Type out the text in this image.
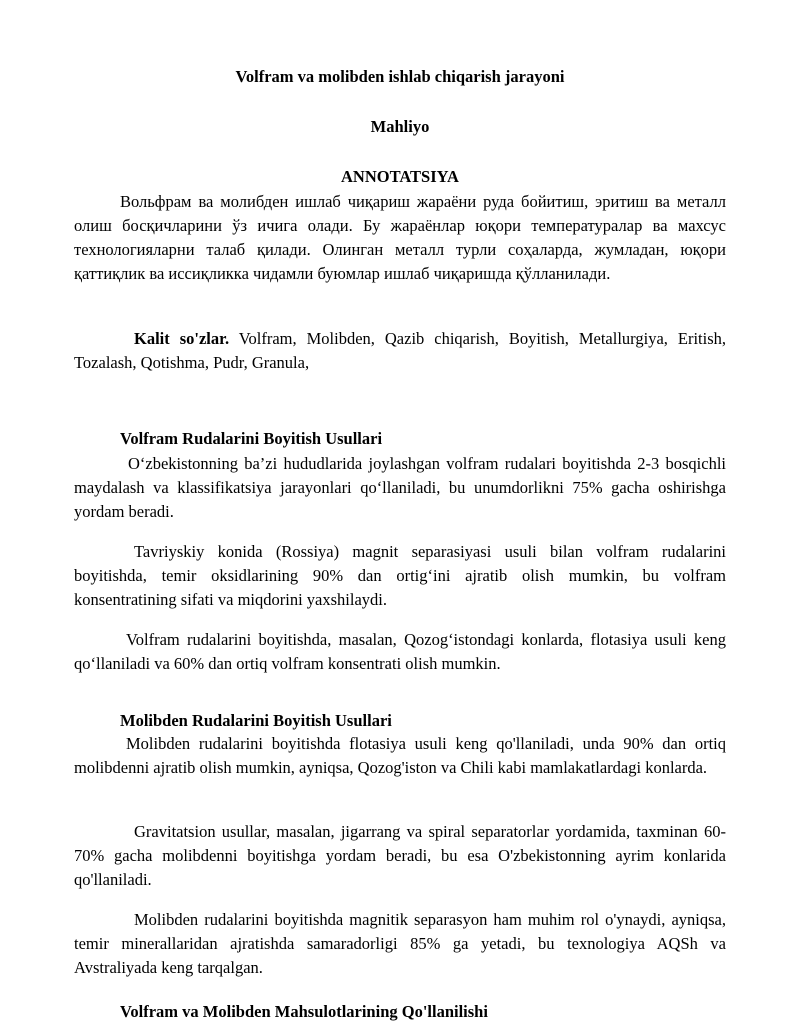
Volfram va molibden ishlab chiqarish jarayoni
Mahliyo
ANNOTATSIYA

Вольфрам ва молибден ишлаб чиқариш жараёни руда бойитиш, эритиш ва металл олиш босқичларини ўз ичига олади. Бу жараёнлар юқори температуралар ва махсус технологияларни талаб қилади. Олинган металл турли соҳаларда, жумладан, юқори қаттиқлик ва иссиқликка чидамли буюмлар ишлаб чиқаришда қўлланилади.

Kalit so'zlar. Volfram, Molibden, Qazib chiqarish, Boyitish, Metallurgiya, Eritish, Tozalash, Qotishma, Pudr, Granula,

Volfram Rudalarini Boyitish Usullari

O‘zbekistonning ba’zi hududlarida joylashgan volfram rudalari boyitishda 2-3 bosqichli maydalash va klassifikatsiya jarayonlari qo‘llaniladi, bu unumdorlikni 75% gacha oshirishga yordam beradi.

Tavriyskiy konida (Rossiya) magnit separasiyasi usuli bilan volfram rudalarini boyitishda, temir oksidlarining 90% dan ortig‘ini ajratib olish mumkin, bu volfram konsentratining sifati va miqdorini yaxshilaydi.

Volfram rudalarini boyitishda, masalan, Qozog‘istondagi konlarda, flotasiya usuli keng qo‘llaniladi va 60% dan ortiq volfram konsentrati olish mumkin.

Molibden Rudalarini Boyitish Usullari

Molibden rudalarini boyitishda flotasiya usuli keng qo'llaniladi, unda 90% dan ortiq molibdenni ajratib olish mumkin, ayniqsa, Qozog'iston va Chili kabi mamlakatlardagi konlarda.

Gravitatsion usullar, masalan, jigarrang va spiral separatorlar yordamida, taxminan 60-70% gacha molibdenni boyitishga yordam beradi, bu esa O'zbekistonning ayrim konlarida qo'llaniladi.

Molibden rudalarini boyitishda magnitik separasyon ham muhim rol o'ynaydi, ayniqsa, temir minerallaridan ajratishda samaradorligi 85% ga yetadi, bu texnologiya AQSh va Avstraliyada keng tarqalgan.

Volfram va Molibden Mahsulotlarining Qo'llanilishi
